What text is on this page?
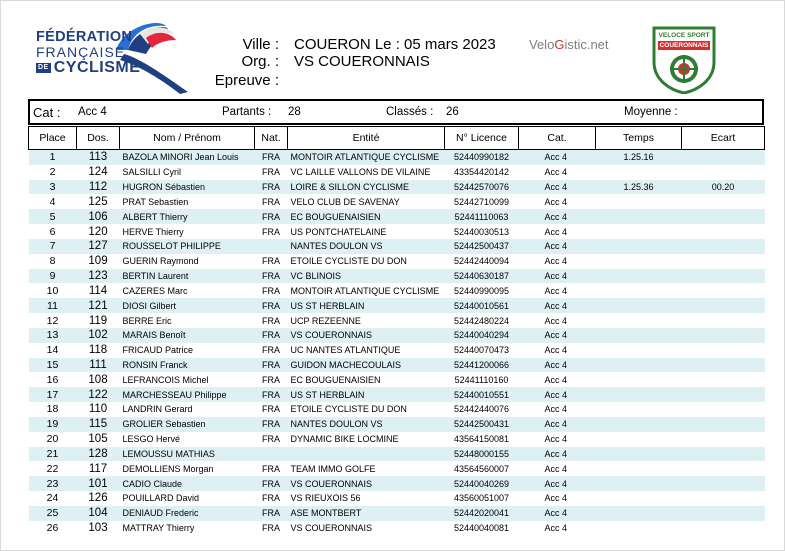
FÉDÉRATION
FRANÇAISE
DE CYCLISME
Ville : COUERON Le : 05 mars 2023
Org. : VS COUERONNAIS
Epreuve :
VeloGistic.net
VELOCE SPORT
COUERONNAIS
Cat : Acc 4	Partants : 28	Classés : 26	Moyenne :
Place	Dos.	Nom / Prénom	Nat.	Entité	N° Licence	Cat.	Temps	Ecart
1	113	BAZOLA MINORI Jean Louis	FRA	MONTOIR ATLANTIQUE CYCLISME	52440990182	Acc 4	1.25.16	
2	124	SALSILLI Cyril	FRA	VC LAILLE VALLONS DE VILAINE	43354420142	Acc 4		
3	112	HUGRON Sébastien	FRA	LOIRE & SILLON CYCLISME	52442570076	Acc 4	1.25.36	00.20
4	125	PRAT Sebastien	FRA	VELO CLUB DE SAVENAY	52442710099	Acc 4		
5	106	ALBERT Thierry	FRA	EC BOUGUENAISIEN	52441110063	Acc 4		
6	120	HERVE Thierry	FRA	US PONTCHATELAINE	52440030513	Acc 4		
7	127	ROUSSELOT PHILIPPE		NANTES DOULON VS	52442500437	Acc 4		
8	109	GUERIN Raymond	FRA	ETOILE CYCLISTE DU DON	52442440094	Acc 4		
9	123	BERTIN Laurent	FRA	VC BLINOIS	52440630187	Acc 4		
10	114	CAZERES Marc	FRA	MONTOIR ATLANTIQUE CYCLISME	52440990095	Acc 4		
11	121	DIOSI Gilbert	FRA	US ST HERBLAIN	52440010561	Acc 4		
12	119	BERRE Eric	FRA	UCP REZEENNE	52442480224	Acc 4		
13	102	MARAIS Benoît	FRA	VS COUERONNAIS	52440040294	Acc 4		
14	118	FRICAUD Patrice	FRA	UC NANTES ATLANTIQUE	52440070473	Acc 4		
15	111	RONSIN Franck	FRA	GUIDON MACHECOULAIS	52441200066	Acc 4		
16	108	LEFRANCOIS Michel	FRA	EC BOUGUENAISIEN	52441110160	Acc 4		
17	122	MARCHESSEAU Philippe	FRA	US ST HERBLAIN	52440010551	Acc 4		
18	110	LANDRIN Gerard	FRA	ETOILE CYCLISTE DU DON	52442440076	Acc 4		
19	115	GROLIER Sebastien	FRA	NANTES DOULON VS	52442500431	Acc 4		
20	105	LESGO Hervé	FRA	DYNAMIC BIKE LOCMINE	43564150081	Acc 4		
21	128	LEMOUSSU MATHIAS			52448000155	Acc 4		
22	117	DEMOLLIENS Morgan	FRA	TEAM IMMO GOLFE	43564560007	Acc 4		
23	101	CADIO Claude	FRA	VS COUERONNAIS	52440040269	Acc 4		
24	126	POUILLARD David	FRA	VS RIEUXOIS 56	43560051007	Acc 4		
25	104	DENIAUD Frederic	FRA	ASE MONTBERT	52442020041	Acc 4		
26	103	MATTRAY Thierry	FRA	VS COUERONNAIS	52440040081	Acc 4		
